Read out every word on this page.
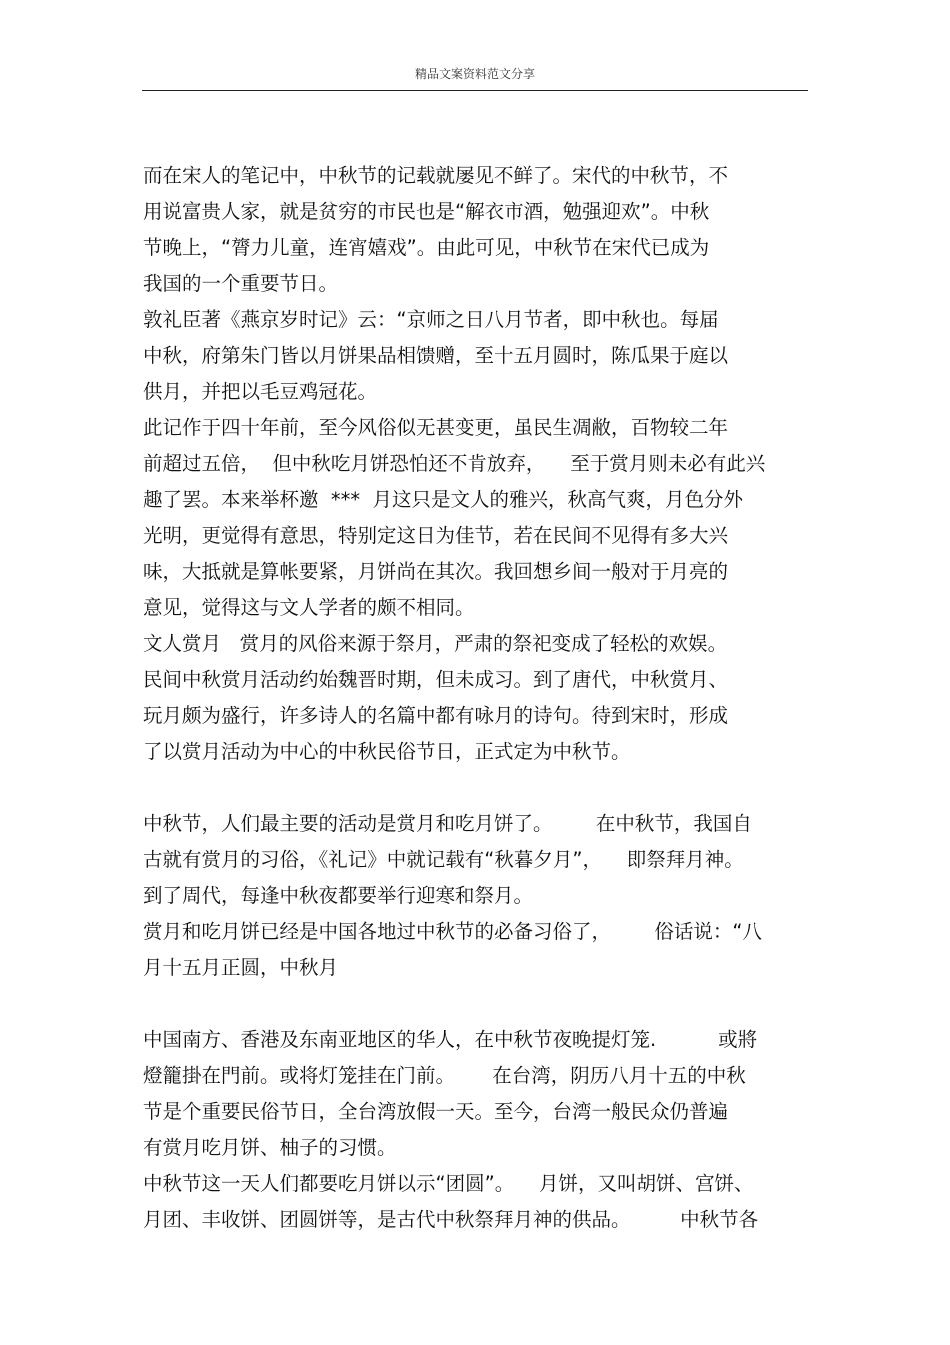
精品文案资料范文分享
而在宋人的笔记中，中秋节的记载就屡见不鲜了。宋代的中秋节，不
用说富贵人家，就是贫穷的市民也是“解衣市酒，勉强迎欢”。中秋
节晚上，“膂力儿童，连宵嬉戏”。由此可见，中秋节在宋代已成为
我国的一个重要节日。
敦礼臣著《燕京岁时记》云：“京师之日八月节者，即中秋也。每届
中秋，府第朱门皆以月饼果品相馈赠，至十五月圆时，陈瓜果于庭以
供月，并把以毛豆鸡冠花。
此记作于四十年前，至今风俗似无甚变更，虽民生凋敝，百物较二年
前超过五倍，  但中秋吃月饼恐怕还不肯放弃，    至于赏月则未必有此兴
趣了罢。本来举杯邀  ***  月这只是文人的雅兴，秋高气爽，月色分外
光明，更觉得有意思，特别定这日为佳节，若在民间不见得有多大兴
味，大抵就是算帐要紧，月饼尚在其次。我回想乡间一般对于月亮的
意见，觉得这与文人学者的颇不相同。
文人赏月   赏月的风俗来源于祭月，严肃的祭祀变成了轻松的欢娱。
民间中秋赏月活动约始魏晋时期，但未成习。到了唐代，中秋赏月、
玩月颇为盛行，许多诗人的名篇中都有咏月的诗句。待到宋时，形成
了以赏月活动为中心的中秋民俗节日，正式定为中秋节。
中秋节，人们最主要的活动是赏月和吃月饼了。       在中秋节，我国自
古就有赏月的习俗，《礼记》中就记载有“秋暮夕月”，    即祭拜月神。
到了周代，每逢中秋夜都要举行迎寒和祭月。
赏月和吃月饼已经是中国各地过中秋节的必备习俗了，       俗话说：“八
月十五月正圆，中秋月
中国南方、香港及东南亚地区的华人，在中秋节夜晚提灯笼.          或將
燈籠掛在門前。或将灯笼挂在门前。      在台湾，阴历八月十五的中秋
节是个重要民俗节日，全台湾放假一天。至今，台湾一般民众仍普遍
有赏月吃月饼、柚子的习惯。
中秋节这一天人们都要吃月饼以示“团圆”。    月饼，又叫胡饼、宫饼、
月团、丰收饼、团圆饼等，是古代中秋祭拜月神的供品。        中秋节各
